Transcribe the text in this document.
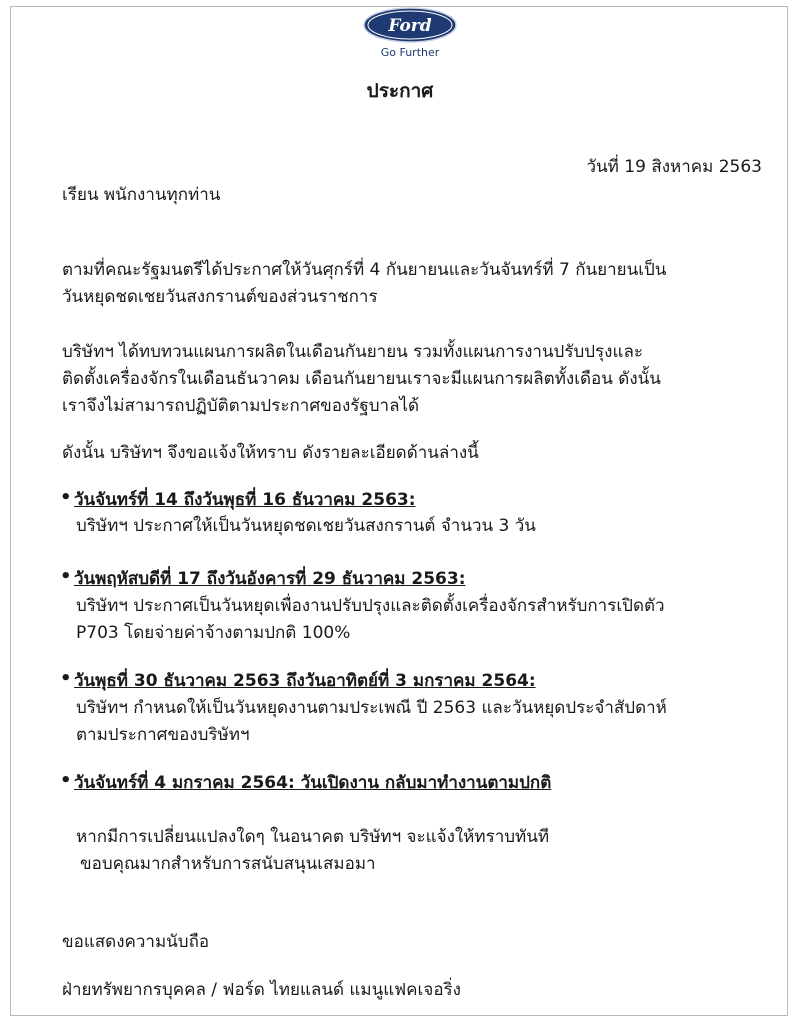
Ford
Go Further
ประกาศ
วันที่ 19 สิงหาคม 2563
เรียน พนักงานทุกท่าน
ตามที่คณะรัฐมนตรีได้ประกาศให้วันศุกร์ที่ 4 กันยายนและวันจันทร์ที่ 7 กันยายนเป็น
วันหยุดชดเชยวันสงกรานต์ของส่วนราชการ
บริษัทฯ ได้ทบทวนแผนการผลิตในเดือนกันยายน รวมทั้งแผนการงานปรับปรุงและ
ติดตั้งเครื่องจักรในเดือนธันวาคม เดือนกันยายนเราจะมีแผนการผลิตทั้งเดือน ดังนั้น
เราจึงไม่สามารถปฏิบัติตามประกาศของรัฐบาลได้
ดังนั้น บริษัทฯ จึงขอแจ้งให้ทราบ ดังรายละเอียดด้านล่างนี้
• วันจันทร์ที่ 14 ถึงวันพุธที่ 16 ธันวาคม 2563:
บริษัทฯ ประกาศให้เป็นวันหยุดชดเชยวันสงกรานต์ จำนวน 3 วัน
• วันพฤหัสบดีที่ 17 ถึงวันอังคารที่ 29 ธันวาคม 2563:
บริษัทฯ ประกาศเป็นวันหยุดเพื่องานปรับปรุงและติดตั้งเครื่องจักรสำหรับการเปิดตัว
P703 โดยจ่ายค่าจ้างตามปกติ 100%
• วันพุธที่ 30 ธันวาคม 2563 ถึงวันอาทิตย์ที่ 3 มกราคม 2564:
บริษัทฯ กำหนดให้เป็นวันหยุดงานตามประเพณี ปี 2563 และวันหยุดประจำสัปดาห์
ตามประกาศของบริษัทฯ
• วันจันทร์ที่ 4 มกราคม 2564: วันเปิดงาน กลับมาทำงานตามปกติ
หากมีการเปลี่ยนแปลงใดๆ ในอนาคต บริษัทฯ จะแจ้งให้ทราบทันที
ขอบคุณมากสำหรับการสนับสนุนเสมอมา
ขอแสดงความนับถือ
ฝ่ายทรัพยากรบุคคล / ฟอร์ด ไทยแลนด์ แมนูแฟคเจอริ่ง
